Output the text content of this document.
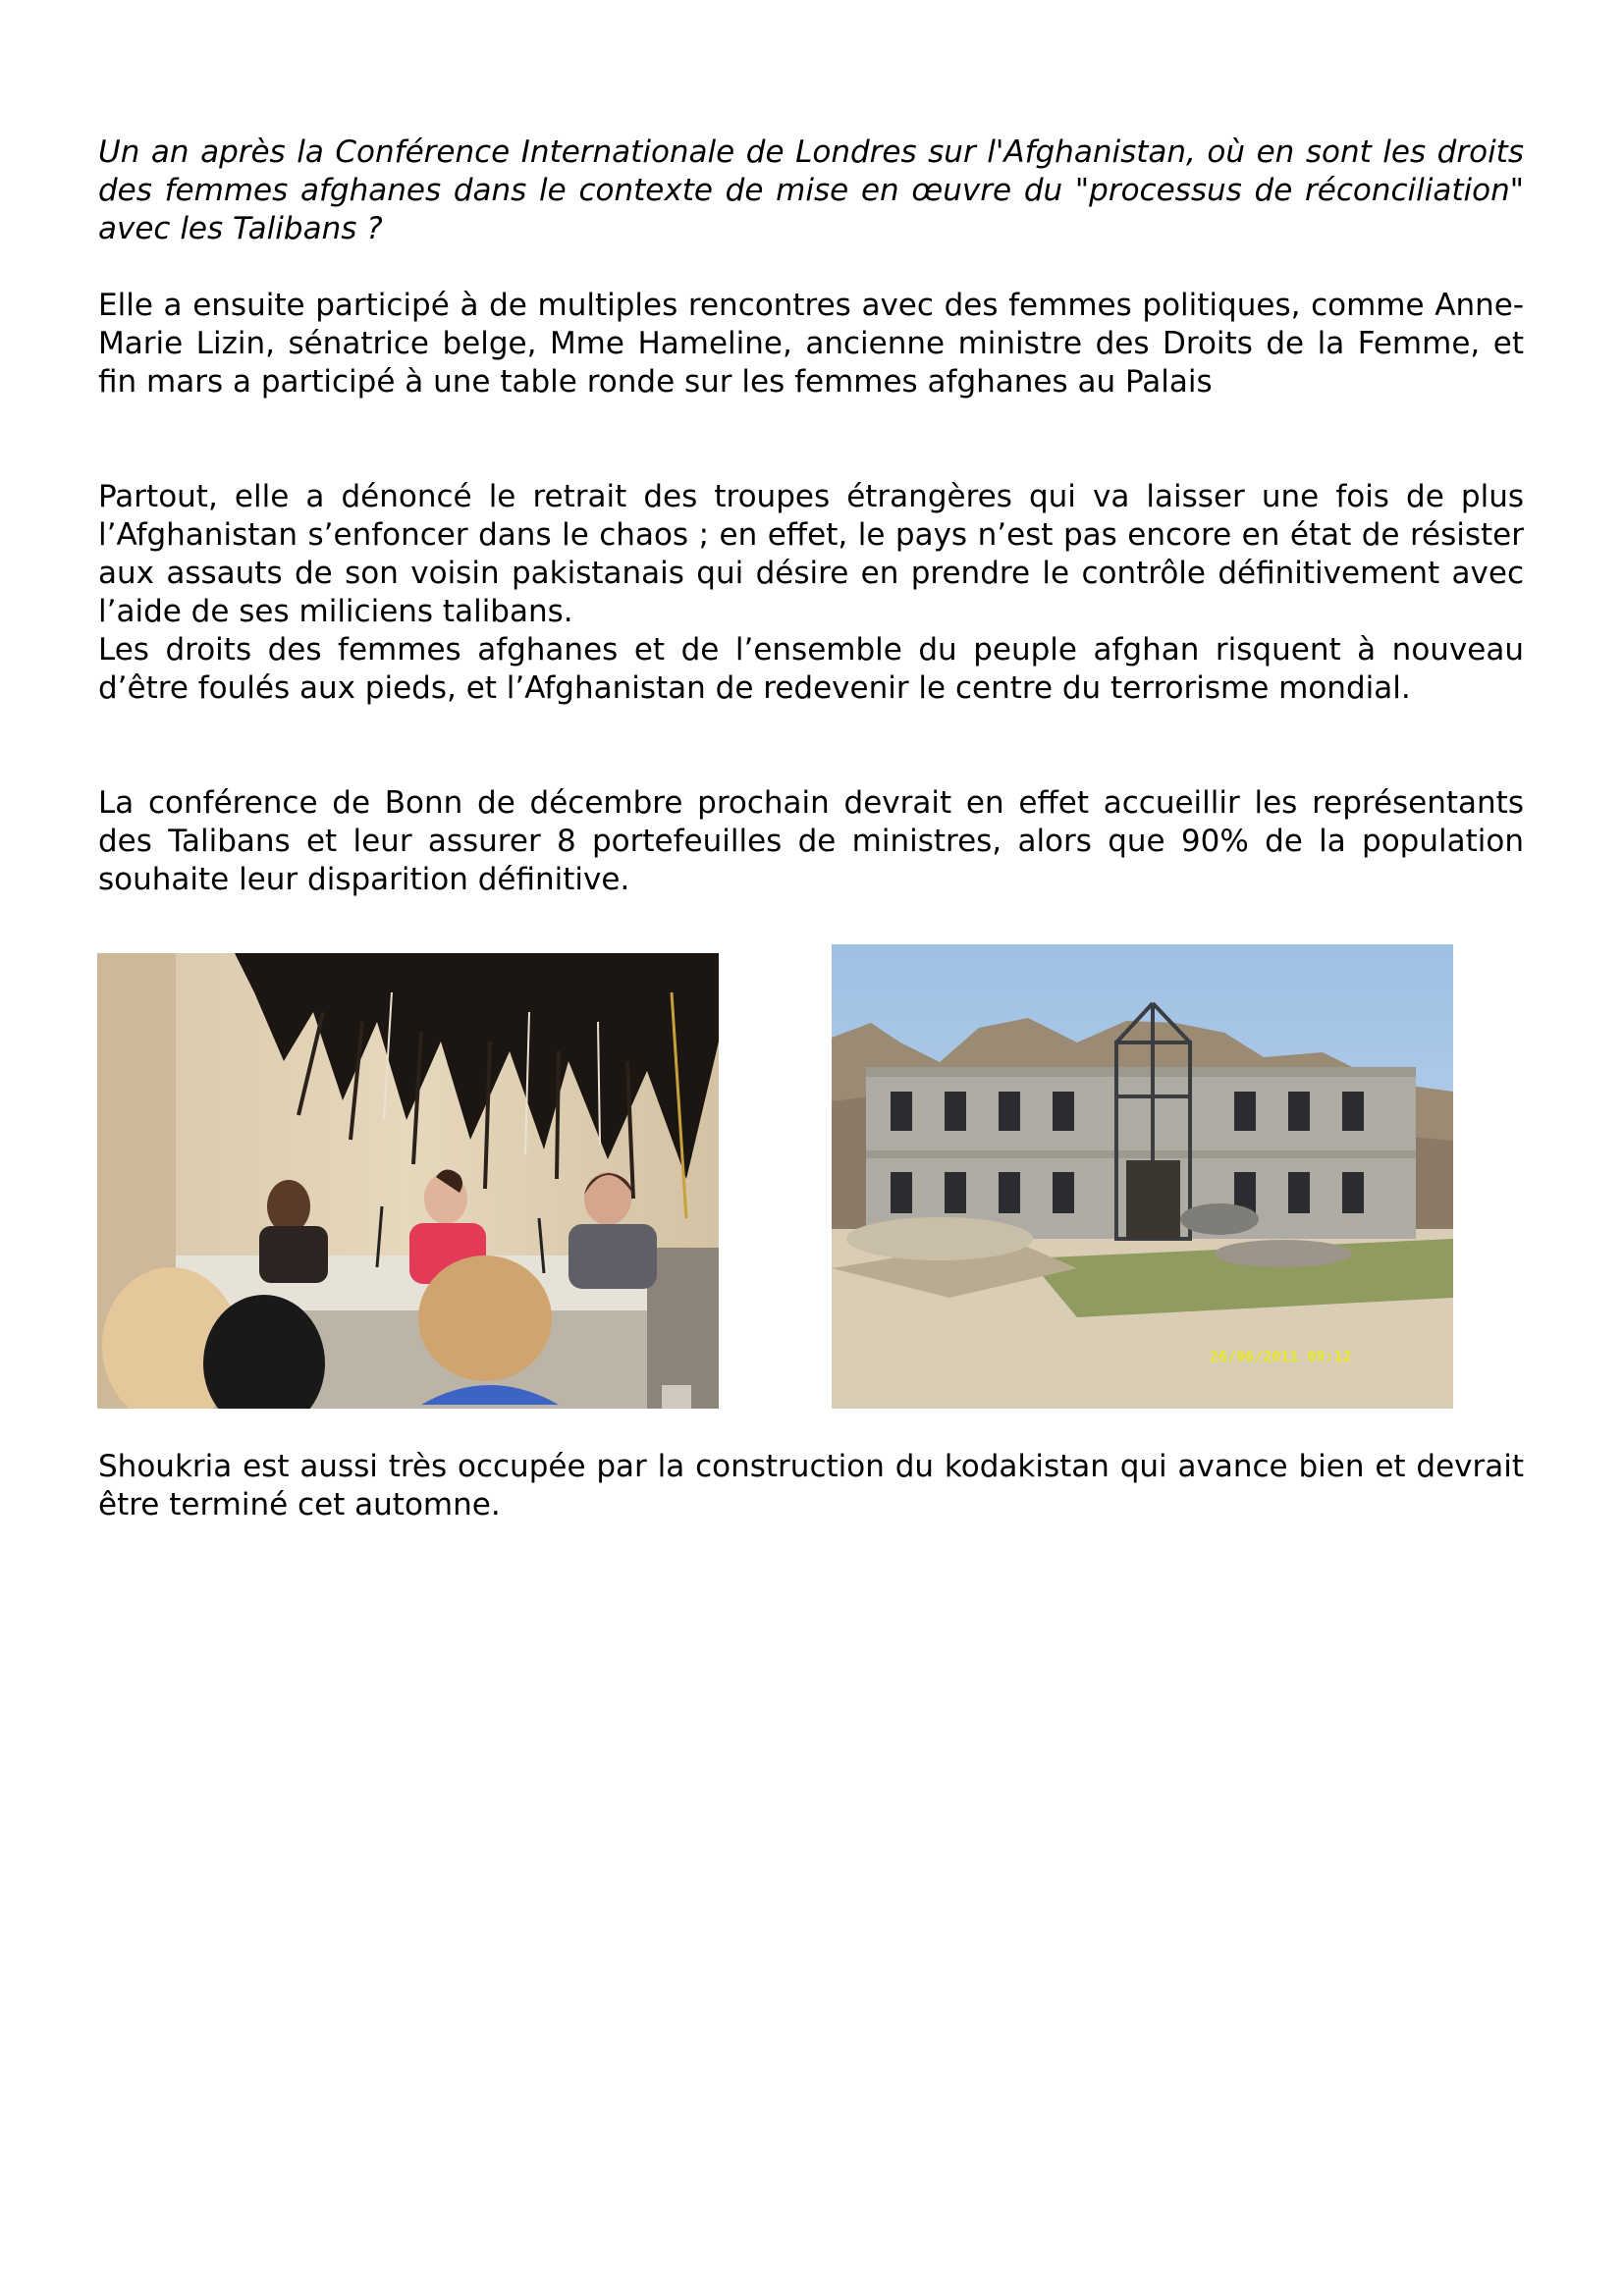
Un an après la Conférence Internationale de Londres sur l'Afghanistan, où en sont les droits des femmes afghanes dans le contexte de mise en œuvre du "processus de réconciliation" avec les Talibans ?

Elle a ensuite participé à de multiples rencontres avec des femmes politiques, comme Anne-Marie Lizin, sénatrice belge, Mme Hameline, ancienne ministre des Droits de la Femme, et fin mars a participé à une table ronde sur les femmes afghanes au Palais

Partout, elle a dénoncé le retrait des troupes étrangères qui va laisser une fois de plus l’Afghanistan s’enfoncer dans le chaos ; en effet, le pays n’est pas encore en état de résister aux assauts de son voisin pakistanais qui désire en prendre le contrôle définitivement avec l’aide de ses miliciens talibans.

Les droits des femmes afghanes et de l’ensemble du peuple afghan risquent à nouveau d’être foulés aux pieds, et l’Afghanistan de redevenir le centre du terrorisme mondial.

La conférence de Bonn de décembre prochain devrait en effet accueillir les représentants des Talibans et leur assurer 8 portefeuilles de ministres, alors que 90% de la population souhaite leur disparition définitive.

26/06/2011 09:12

Shoukria est aussi très occupée par la construction du kodakistan qui avance bien et devrait être terminé cet automne.
